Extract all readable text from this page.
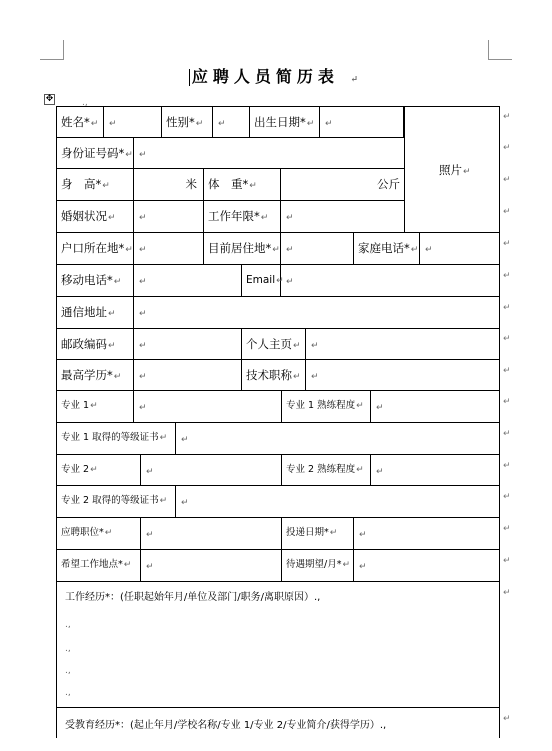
应聘人员简历表 ↵
✥	.,
姓名*↵	↵	性别*↵	↵	出生日期*↵	↵
照片↵
身份证号码*↵ ↵
身　高*↵	米 体　重*↵	公斤
婚姻状况↵	↵	工作年限*↵	↵
户口所在地*↵ ↵	目前居住地*↵ ↵	家庭电话*↵ ↵
移动电话*↵	↵	Email↵ ↵
通信地址↵	↵
邮政编码↵	↵	个人主页↵	↵
最高学历*↵	↵	技术职称↵	↵
专业 1↵	↵	专业 1 熟练程度↵	↵
专业 1 取得的等级证书↵	↵
专业 2↵	↵	专业 2 熟练程度↵	↵
专业 2 取得的等级证书↵	↵
应聘职位*↵	↵	投递日期*↵	↵
希望工作地点*↵	↵	待遇期望/月*↵	↵
工作经历*：(任职起始年月/单位及部门/职务/离职原因）.,
.,
.,
.,
.,
受教育经历*：(起止年月/学校名称/专业 1/专业 2/专业简介/获得学历）.,
↵
↵
↵
↵
↵
↵
↵
↵
↵
↵
↵
↵
↵
↵
↵
↵
↵
